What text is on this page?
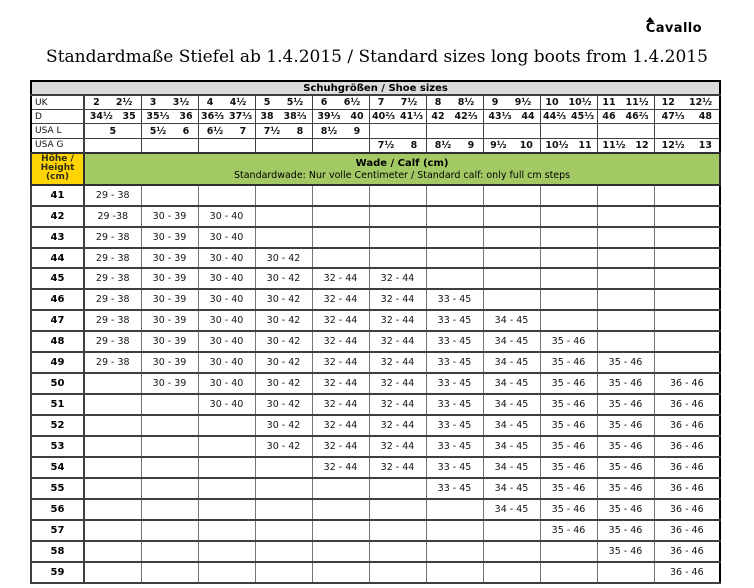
Cavallo
Standardmaße Stiefel ab 1.4.2015 / Standard sizes long boots from 1.4.2015
Schuhgrößen / Shoe sizes											
UK	2 2½	3 3½	4 4½	5 5½	6 6½	7 7½	8 8½	9 9½	10 10½	11 11½	12 12½

D	34½ 35	35⅓ 36	36⅔ 37⅓	38 38⅔	39⅓ 40	40⅔ 41⅓	42 42⅔	43⅓ 44	44⅔ 45⅓	46 46⅔	47⅓ 48

USA L	5	5½ 6	6½ 7	7½ 8	8½ 9						

USA G						7½ 8	8½ 9	9½ 10	10½ 11	11½ 12	12½ 13

Höhe /
Height
(cm)

Wade / Calf (cm)
Standardwade: Nur volle Centimeter / Standard calf: only full cm steps

41	29 - 38										
42	29 -38	30 - 39	30 - 40								
43	29 - 38	30 - 39	30 - 40								
44	29 - 38	30 - 39	30 - 40	30 - 42							
45	29 - 38	30 - 39	30 - 40	30 - 42	32 - 44	32 - 44					
46	29 - 38	30 - 39	30 - 40	30 - 42	32 - 44	32 - 44	33 - 45				
47	29 - 38	30 - 39	30 - 40	30 - 42	32 - 44	32 - 44	33 - 45	34 - 45			
48	29 - 38	30 - 39	30 - 40	30 - 42	32 - 44	32 - 44	33 - 45	34 - 45	35 - 46		
49	29 - 38	30 - 39	30 - 40	30 - 42	32 - 44	32 - 44	33 - 45	34 - 45	35 - 46	35 - 46	
50		30 - 39	30 - 40	30 - 42	32 - 44	32 - 44	33 - 45	34 - 45	35 - 46	35 - 46	36 - 46
51			30 - 40	30 - 42	32 - 44	32 - 44	33 - 45	34 - 45	35 - 46	35 - 46	36 - 46
52				30 - 42	32 - 44	32 - 44	33 - 45	34 - 45	35 - 46	35 - 46	36 - 46
53				30 - 42	32 - 44	32 - 44	33 - 45	34 - 45	35 - 46	35 - 46	36 - 46
54					32 - 44	32 - 44	33 - 45	34 - 45	35 - 46	35 - 46	36 - 46
55							33 - 45	34 - 45	35 - 46	35 - 46	36 - 46
56								34 - 45	35 - 46	35 - 46	36 - 46
57									35 - 46	35 - 46	36 - 46
58										35 - 46	36 - 46
59											36 - 46
